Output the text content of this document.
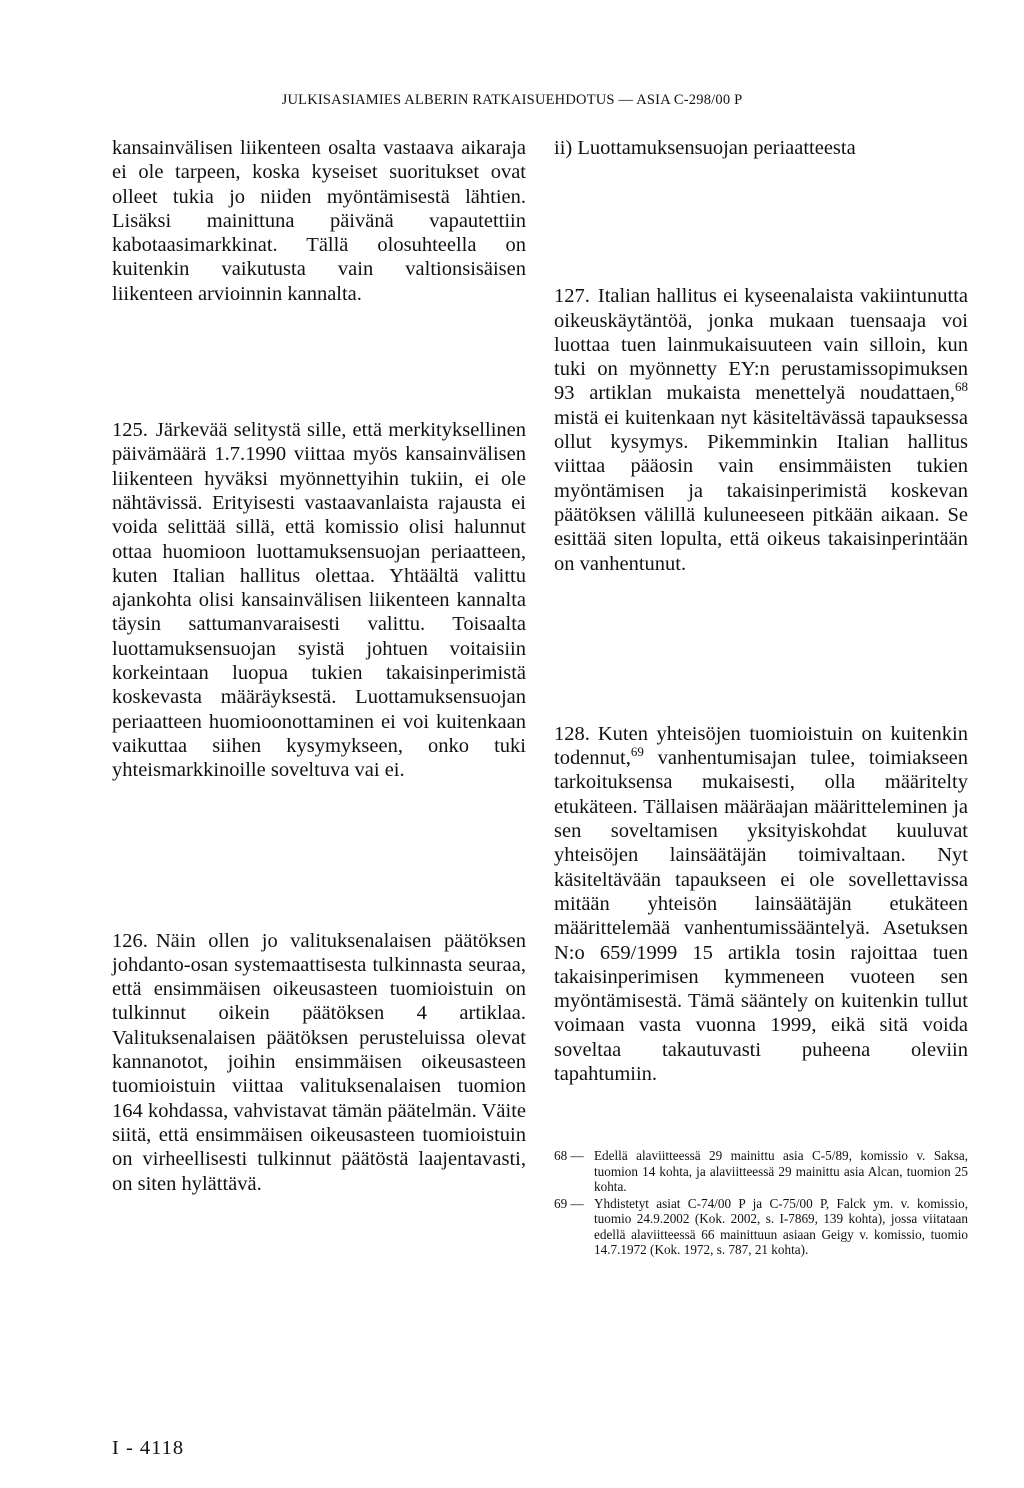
JULKISASIAMIES ALBERIN RATKAISUEHDOTUS — ASIA C-298/00 P

kansainvälisen liikenteen osalta vastaava aikaraja ei ole tarpeen, koska kyseiset suoritukset ovat olleet tukia jo niiden myöntämisestä lähtien. Lisäksi mainittuna päivänä vapautettiin kabotaasimarkkinat. Tällä olosuhteella on kuitenkin vaikutusta vain valtionsisäisen liikenteen arvioinnin kannalta.

125. Järkevää selitystä sille, että merkityksellinen päivämäärä 1.7.1990 viittaa myös kansainvälisen liikenteen hyväksi myönnettyihin tukiin, ei ole nähtävissä. Erityisesti vastaavanlaista rajausta ei voida selittää sillä, että komissio olisi halunnut ottaa huomioon luottamuksensuojan periaatteen, kuten Italian hallitus olettaa. Yhtäältä valittu ajankohta olisi kansainvälisen liikenteen kannalta täysin sattumanvaraisesti valittu. Toisaalta luottamuksensuojan syistä johtuen voitaisiin korkeintaan luopua tukien takaisinperimistä koskevasta määräyksestä. Luottamuksensuojan periaatteen huomioonottaminen ei voi kuitenkaan vaikuttaa siihen kysymykseen, onko tuki yhteismarkkinoille soveltuva vai ei.

126. Näin ollen jo valituksenalaisen päätöksen johdanto-osan systemaattisesta tulkinnasta seuraa, että ensimmäisen oikeusasteen tuomioistuin on tulkinnut oikein päätöksen 4 artiklaa. Valituksenalaisen päätöksen perusteluissa olevat kannanotot, joihin ensimmäisen oikeusasteen tuomioistuin viittaa valituksenalaisen tuomion 164 kohdassa, vahvistavat tämän päätelmän. Väite siitä, että ensimmäisen oikeusasteen tuomioistuin on virheellisesti tulkinnut päätöstä laajentavasti, on siten hylättävä.

ii) Luottamuksensuojan periaatteesta

127. Italian hallitus ei kyseenalaista vakiintunutta oikeuskäytäntöä, jonka mukaan tuensaaja voi luottaa tuen lainmukaisuuteen vain silloin, kun tuki on myönnetty EY:n perustamissopimuksen 93 artiklan mukaista menettelyä noudattaen,$^{68}$ mistä ei kuitenkaan nyt käsiteltävässä tapauksessa ollut kysymys. Pikemminkin Italian hallitus viittaa pääosin vain ensimmäisten tukien myöntämisen ja takaisinperimistä koskevan päätöksen välillä kuluneeseen pitkään aikaan. Se esittää siten lopulta, että oikeus takaisinperintään on vanhentunut.

128. Kuten yhteisöjen tuomioistuin on kuitenkin todennut,$^{69}$ vanhentumisajan tulee, toimiakseen tarkoituksensa mukaisesti, olla määritelty etukäteen. Tällaisen määräajan määritteleminen ja sen soveltamisen yksityiskohdat kuuluvat yhteisöjen lainsäätäjän toimivaltaan. Nyt käsiteltävään tapaukseen ei ole sovellettavissa mitään yhteisön lainsäätäjän etukäteen määrittelemää vanhentumissääntelyä. Asetuksen N:o 659/1999 15 artikla tosin rajoittaa tuen takaisinperimisen kymmeneen vuoteen sen myöntämisestä. Tämä sääntely on kuitenkin tullut voimaan vasta vuonna 1999, eikä sitä voida soveltaa takautuvasti puheena oleviin tapahtumiin.

68 — Edellä alaviitteessä 29 mainittu asia C-5/89, komissio v. Saksa, tuomion 14 kohta, ja alaviitteessä 29 mainittu asia Alcan, tuomion 25 kohta.
69 — Yhdistetyt asiat C-74/00 P ja C-75/00 P, Falck ym. v. komissio, tuomio 24.9.2002 (Kok. 2002, s. I-7869, 139 kohta), jossa viitataan edellä alaviitteessä 66 mainittuun asiaan Geigy v. komissio, tuomio 14.7.1972 (Kok. 1972, s. 787, 21 kohta).
I - 4118
